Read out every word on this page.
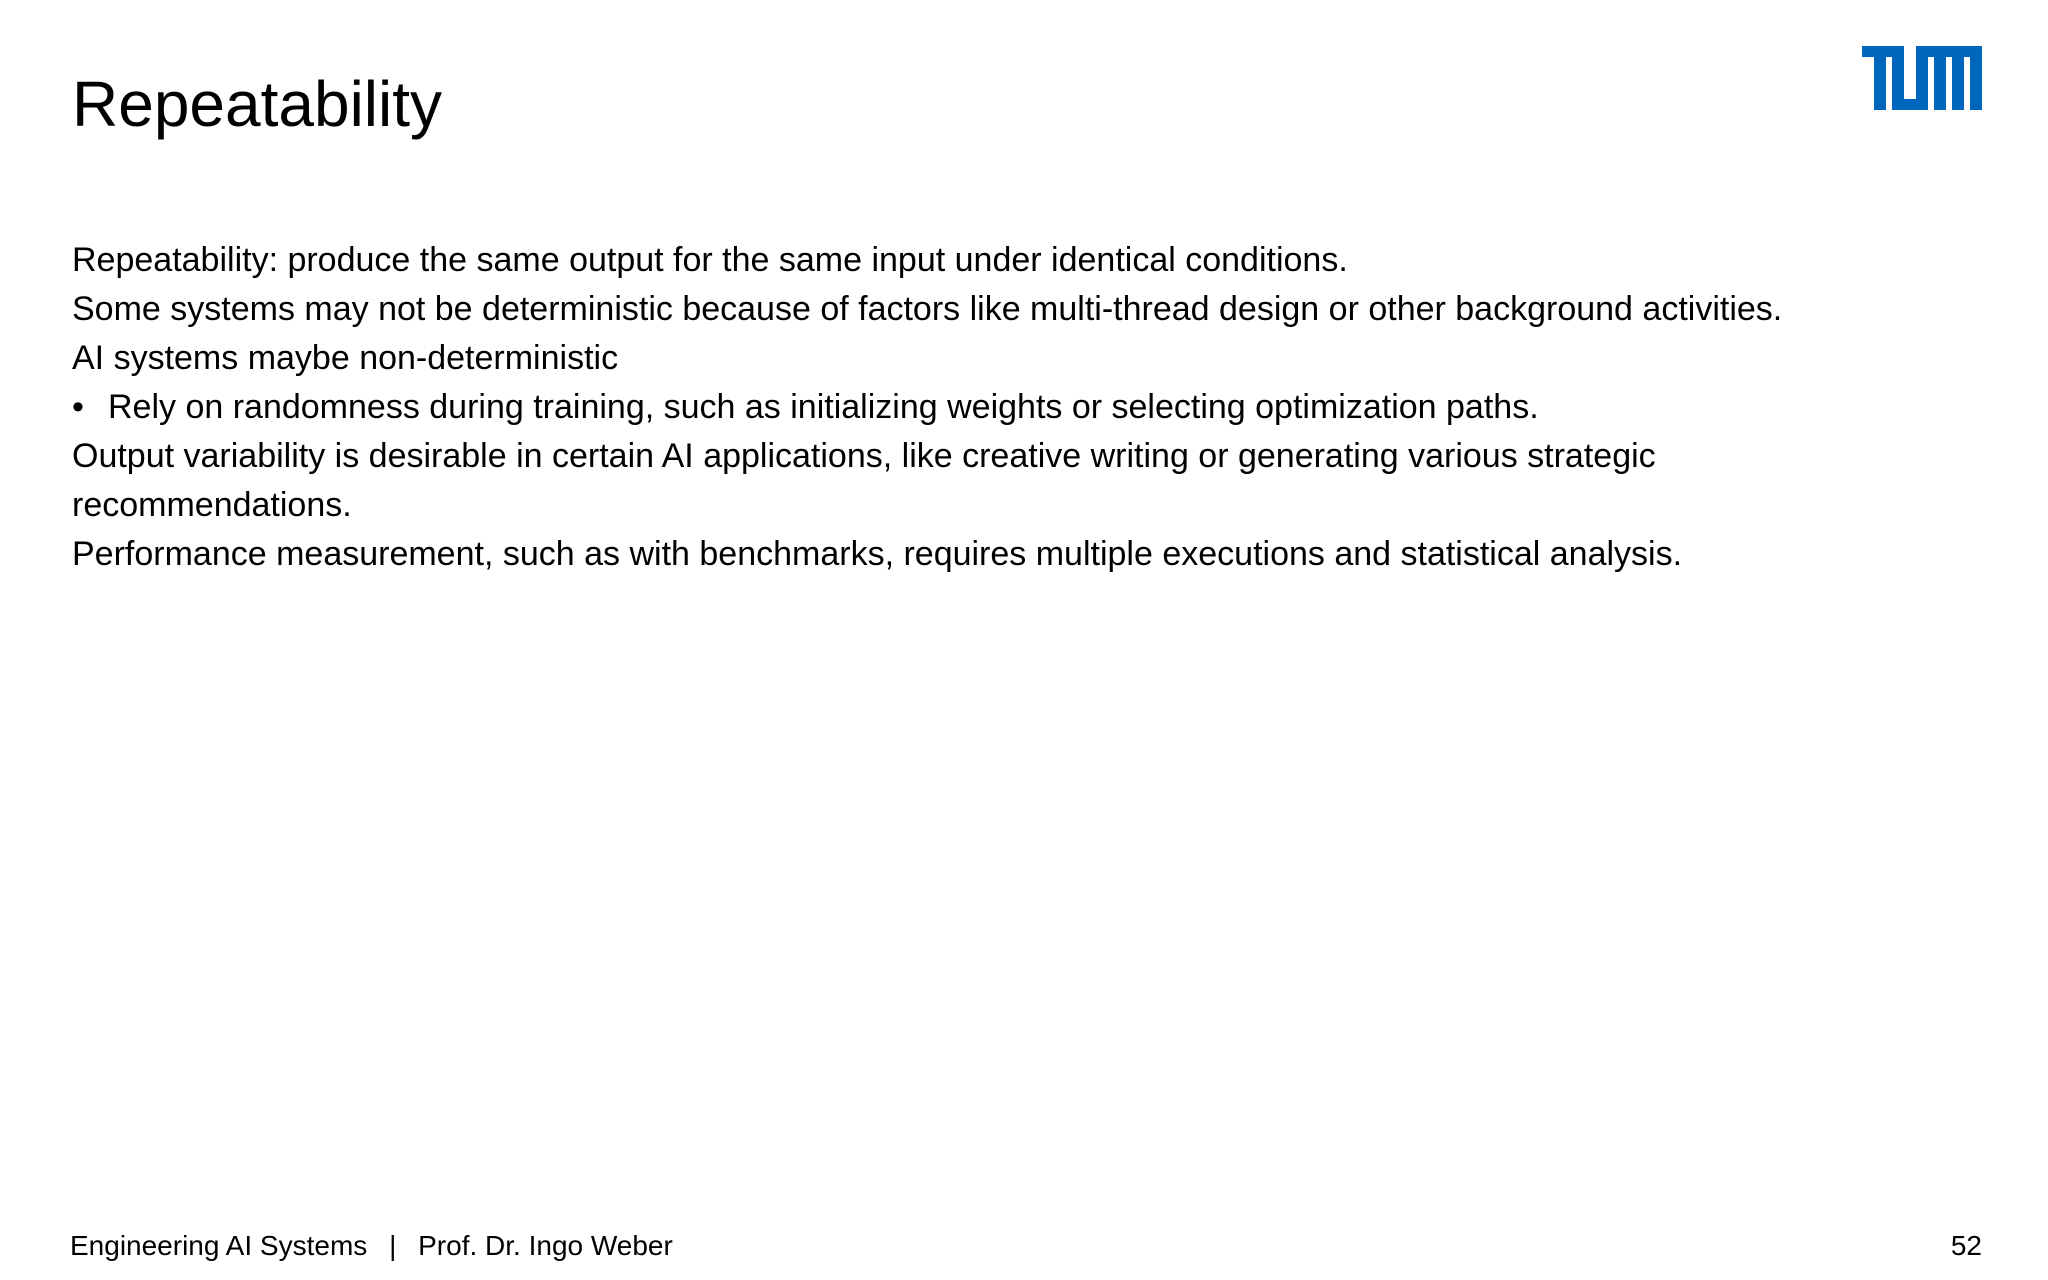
Repeatability

Repeatability: produce the same output for the same input under identical conditions.

Some systems may not be deterministic because of factors like multi-thread design or other background activities.

AI systems maybe non-deterministic

• Rely on randomness during training, such as initializing weights or selecting optimization paths.

Output variability is desirable in certain AI applications, like creative writing or generating various strategic

recommendations.

Performance measurement, such as with benchmarks, requires multiple executions and statistical analysis.

Engineering AI Systems | Prof. Dr. Ingo Weber	52
